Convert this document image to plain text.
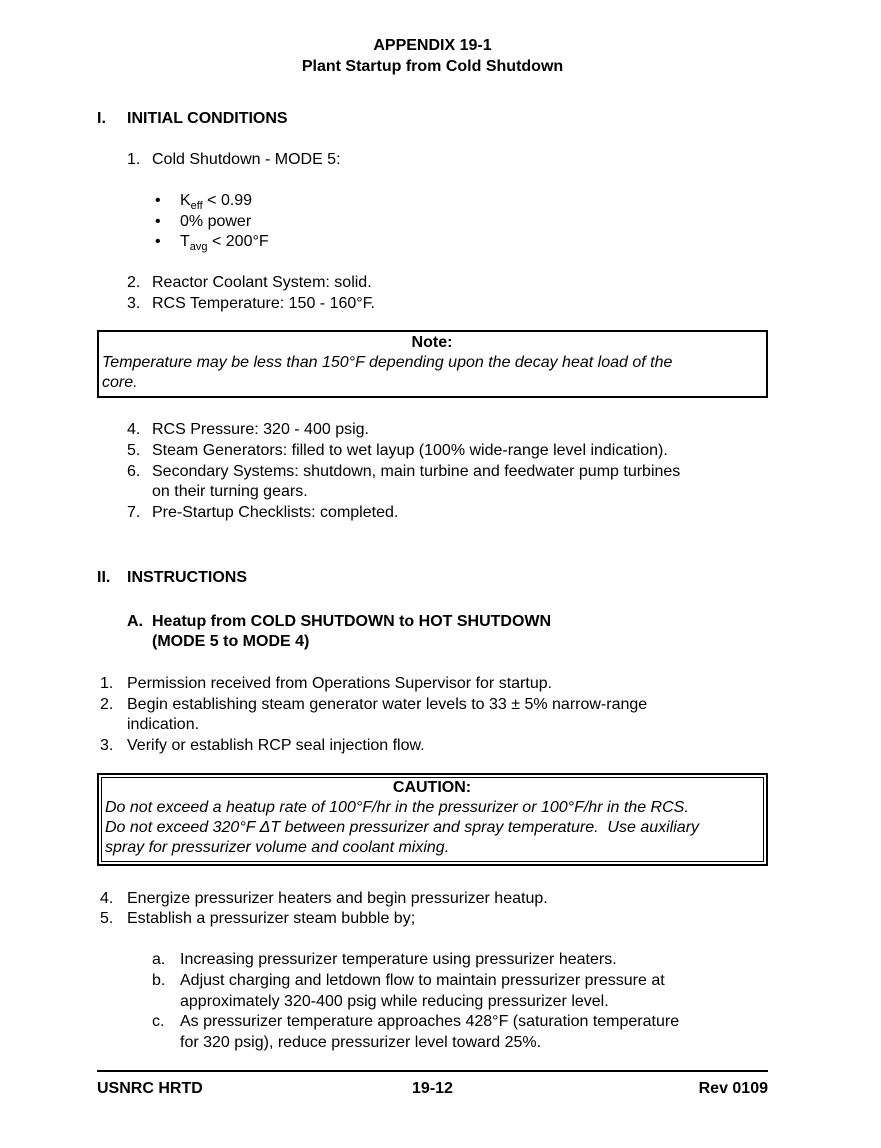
APPENDIX 19-1
Plant Startup from Cold Shutdown
I.	INITIAL CONDITIONS
1. Cold Shutdown - MODE 5:
•	$K_{eff} < 0.99$
•	0% power
•	$T_{avg} < 200^\circ F$
2. Reactor Coolant System: solid.
3. RCS Temperature: 150 - 160°F.
Note:
Temperature may be less than 150°F depending upon the decay heat load of the
core.
4. RCS Pressure: 320 - 400 psig.
5. Steam Generators: filled to wet layup (100% wide-range level indication).
6. Secondary Systems: shutdown, main turbine and feedwater pump turbines
on their turning gears.
7. Pre-Startup Checklists: completed.
II.	INSTRUCTIONS
A. Heatup from COLD SHUTDOWN to HOT SHUTDOWN
(MODE 5 to MODE 4)
1. Permission received from Operations Supervisor for startup.
2. Begin establishing steam generator water levels to 33 ± 5% narrow-range
indication.
3. Verify or establish RCP seal injection flow.
CAUTION:
Do not exceed a heatup rate of 100°F/hr in the pressurizer or 100°F/hr in the RCS.
Do not exceed 320°F ΔT between pressurizer and spray temperature.  Use auxiliary
spray for pressurizer volume and coolant mixing.
4. Energize pressurizer heaters and begin pressurizer heatup.
5. Establish a pressurizer steam bubble by;
a. Increasing pressurizer temperature using pressurizer heaters.
b. Adjust charging and letdown flow to maintain pressurizer pressure at
approximately 320-400 psig while reducing pressurizer level.
c. As pressurizer temperature approaches 428°F (saturation temperature
for 320 psig), reduce pressurizer level toward 25%.
19-12
USNRC HRTD	Rev 0109
